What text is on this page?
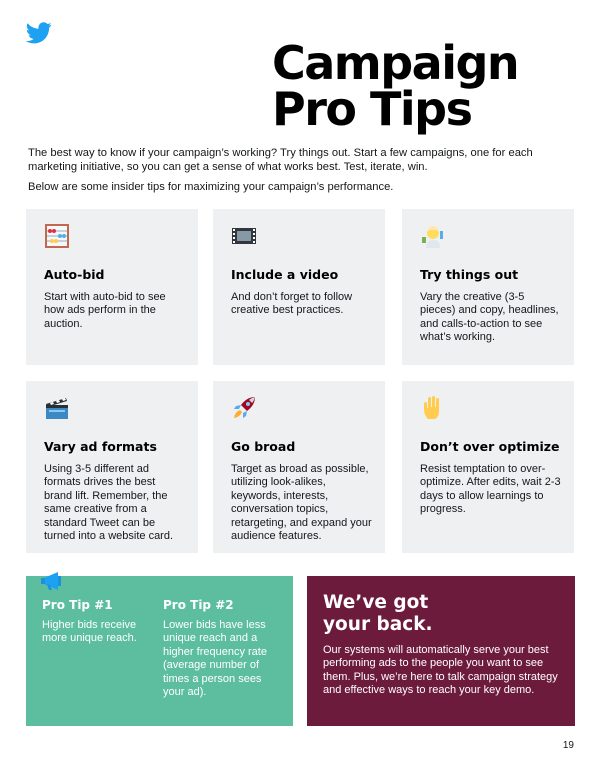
Campaign
Pro Tips

The best way to know if your campaign’s working? Try things out. Start a few campaigns, one for each marketing initiative, so you can get a sense of what works best. Test, iterate, win.

Below are some insider tips for maximizing your campaign’s performance.

Auto-bid
Start with auto-bid to see how ads perform in the auction.
Include a video
And don’t forget to follow creative best practices.
Try things out
Vary the creative (3-5 pieces) and copy, headlines, and calls-to-action to see what’s working.
Vary ad formats
Using 3-5 different ad formats drives the best brand lift. Remember, the same creative from a standard Tweet can be turned into a website card.
Go broad
Target as broad as possible, utilizing look-alikes, keywords, interests, conversation topics, retargeting, and expand your audience features.
Don’t over optimize
Resist temptation to over-optimize. After edits, wait 2-3 days to allow learnings to progress.
Pro Tip #1
Higher bids receive more unique reach.
Pro Tip #2
Lower bids have less unique reach and a higher frequency rate (average number of times a person sees your ad).
We’ve got
your back.
Our systems will automatically serve your best performing ads to the people you want to see them. Plus, we’re here to talk campaign strategy and effective ways to reach your key demo.
19
